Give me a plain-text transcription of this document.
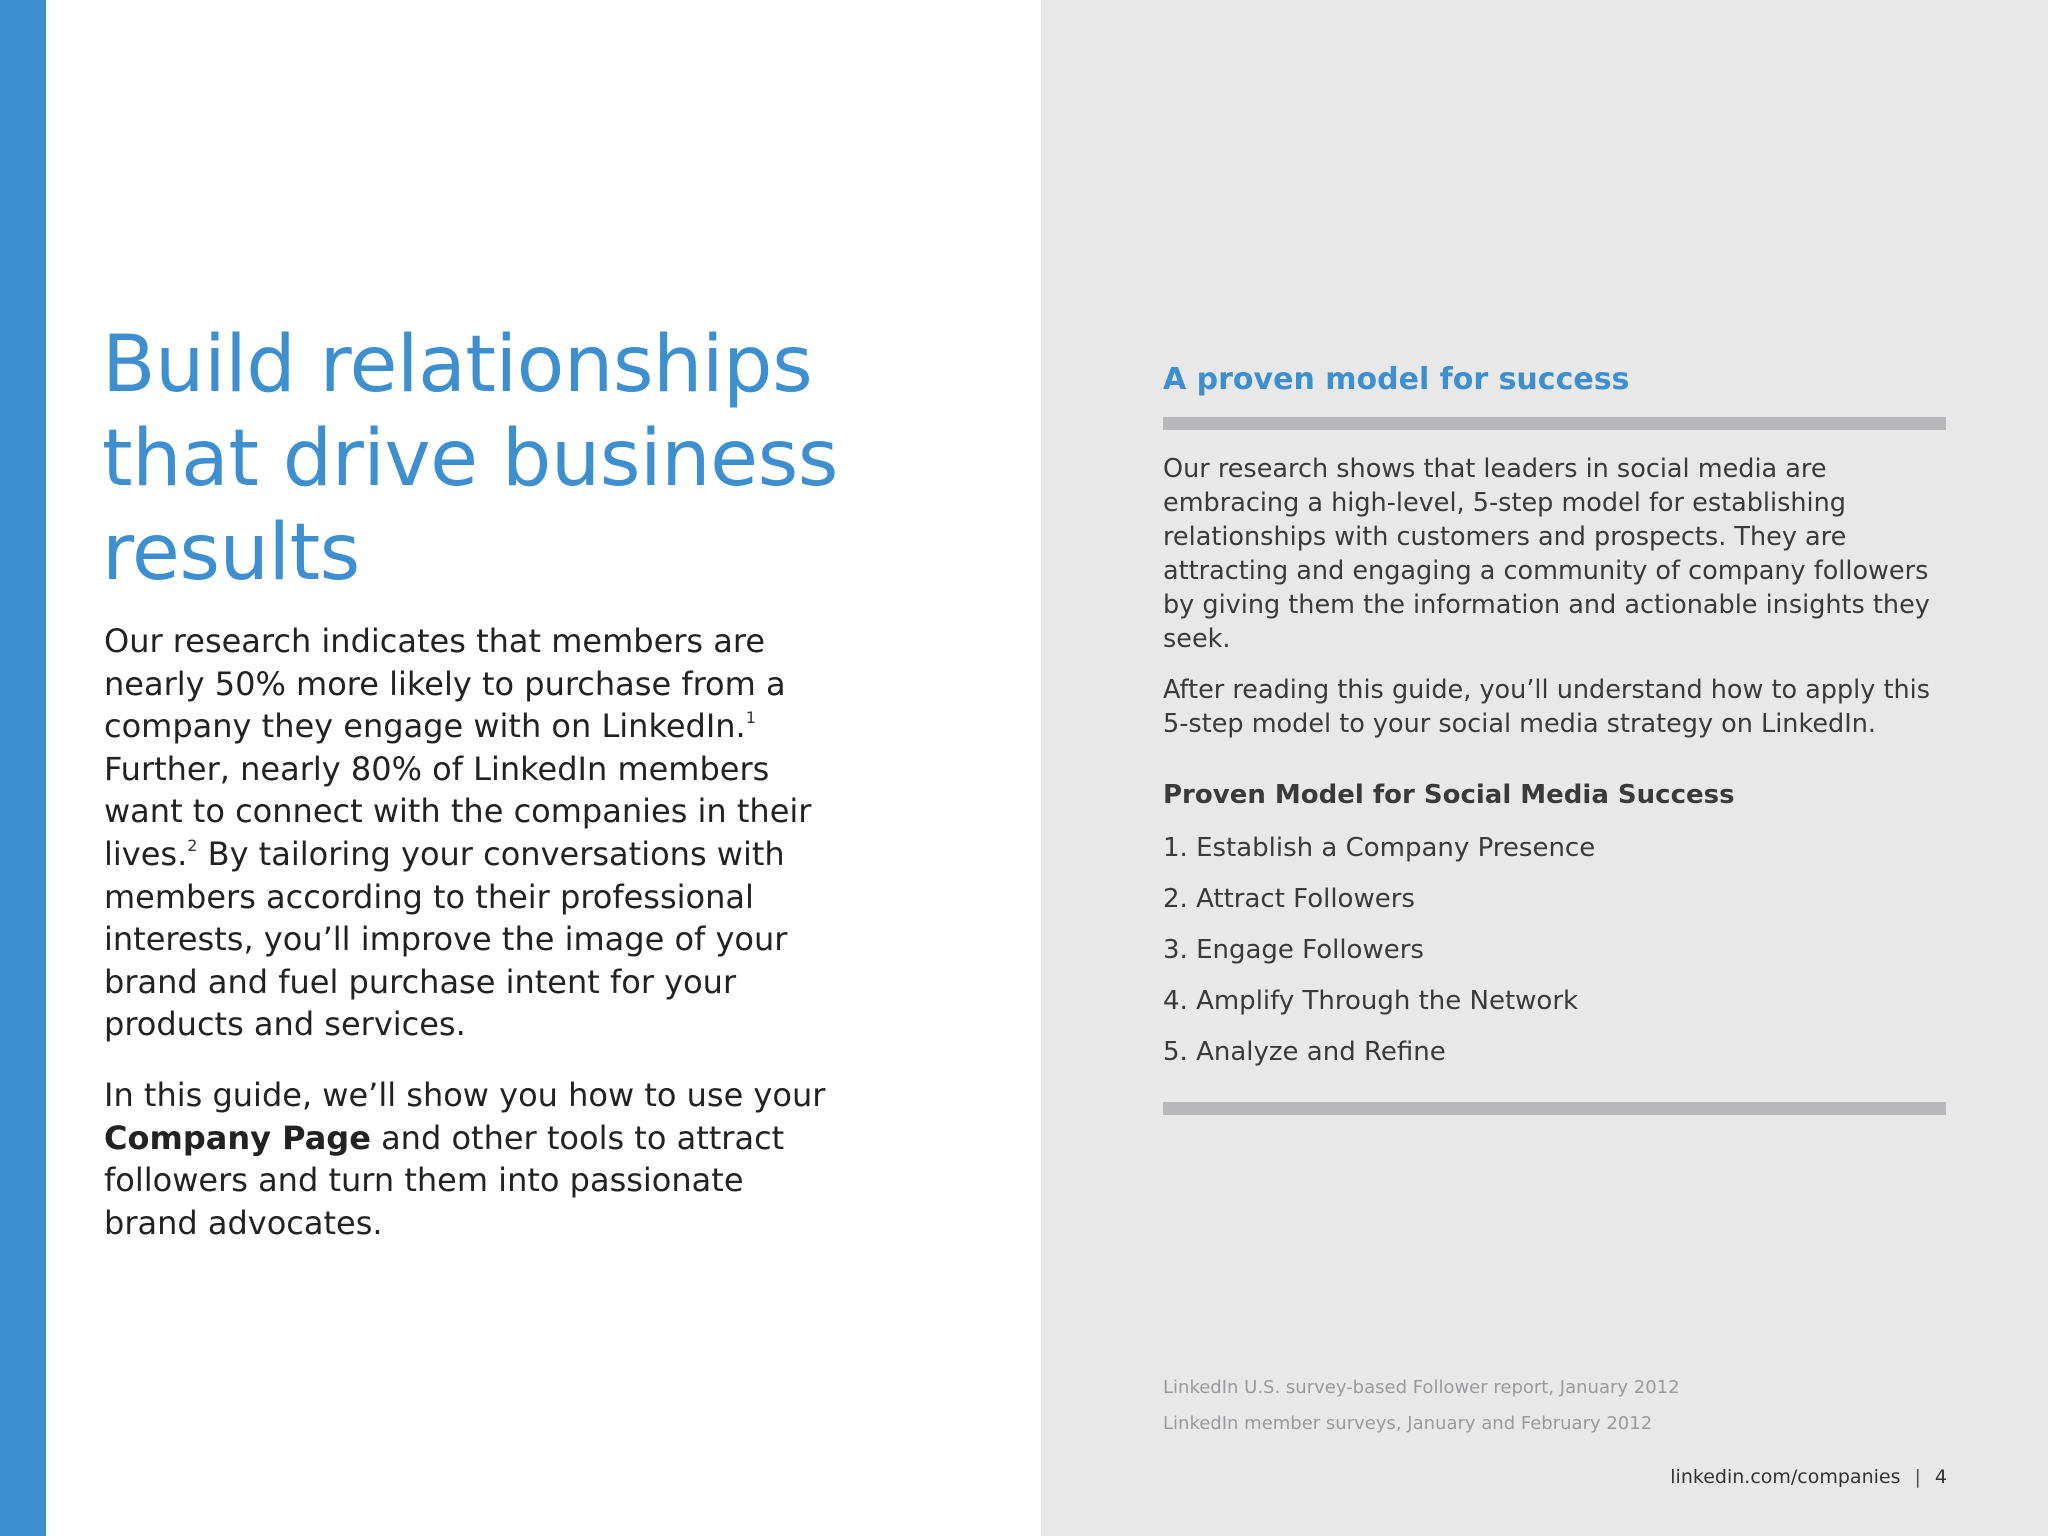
Build relationships
that drive business
results

Our research indicates that members are nearly 50% more likely to purchase from a company they engage with on LinkedIn.$^1$   Further, nearly 80% of LinkedIn members want to connect with the companies in their lives.$^2$ By tailoring your conversations with members according to their professional interests, you’ll improve the image of your brand and fuel purchase intent for your products and services.

In this guide, we’ll show you how to use your Company Page and other tools to attract followers and turn them into passionate brand advocates.

A proven model for success

Our research shows that leaders in social media are embracing a high-level, 5-step model for establishing relationships with customers and prospects. They are attracting and engaging a community of company followers by giving them the information and actionable insights they seek.

After reading this guide, you’ll understand how to apply this 5-step model to your social media strategy on LinkedIn.

Proven Model for Social Media Success
1. Establish a Company Presence
2. Attract Followers
3. Engage Followers
4. Amplify Through the Network
5. Analyze and Refine
LinkedIn U.S. survey-based Follower report, January 2012
LinkedIn member surveys, January and February 2012
linkedin.com/companies | 4
